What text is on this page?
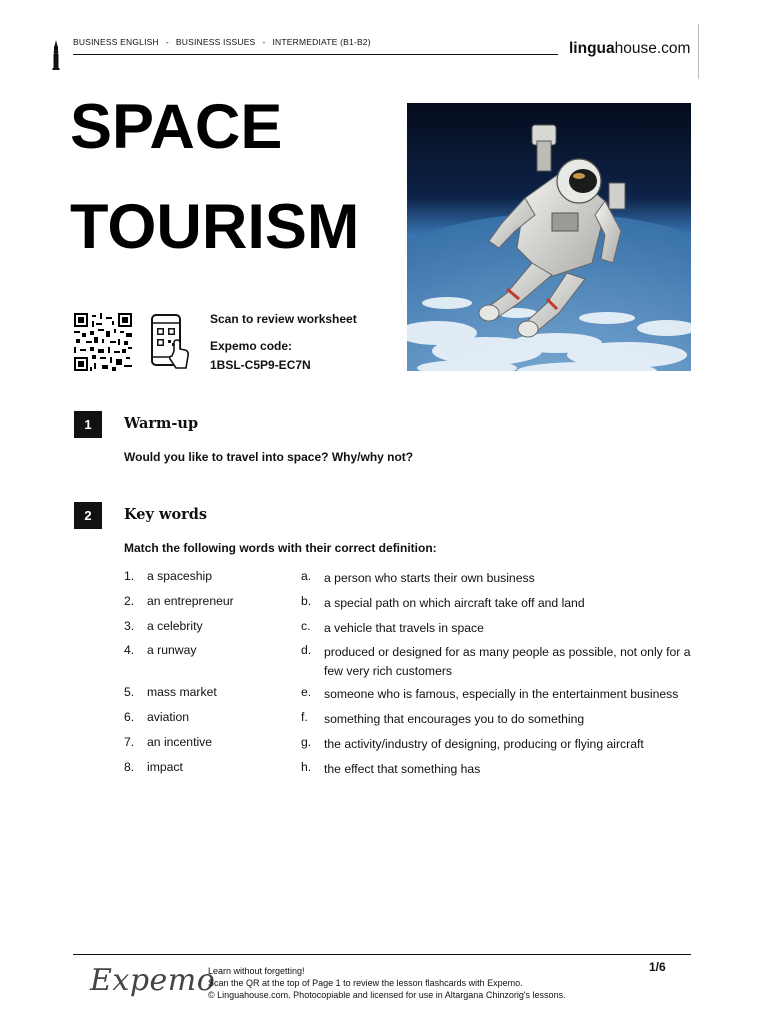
BUSINESS ENGLISH - BUSINESS ISSUES - INTERMEDIATE (B1-B2)	linguahouse.com
SPACE
TOURISM
Scan to review worksheet
Expemo code:
1BSL-C5P9-EC7N
1	Warm-up
Would you like to travel into space? Why/why not?
2	Key words
Match the following words with their correct definition:
1. a spaceship	a. a person who starts their own business
2. an entrepreneur	b. a special path on which aircraft take off and land
3. a celebrity	c. a vehicle that travels in space
4. a runway	d. produced or designed for as many people as possible, not only for a few very rich customers
5. mass market	e. someone who is famous, especially in the entertainment business
6. aviation	f. something that encourages you to do something
7. an incentive	g. the activity/industry of designing, producing or flying aircraft
8. impact	h. the effect that something has
1/6
Expemo
Learn without forgetting!
Scan the QR at the top of Page 1 to review the lesson flashcards with Expemo.
© Linguahouse.com. Photocopiable and licensed for use in Altargana Chinzorig's lessons.
